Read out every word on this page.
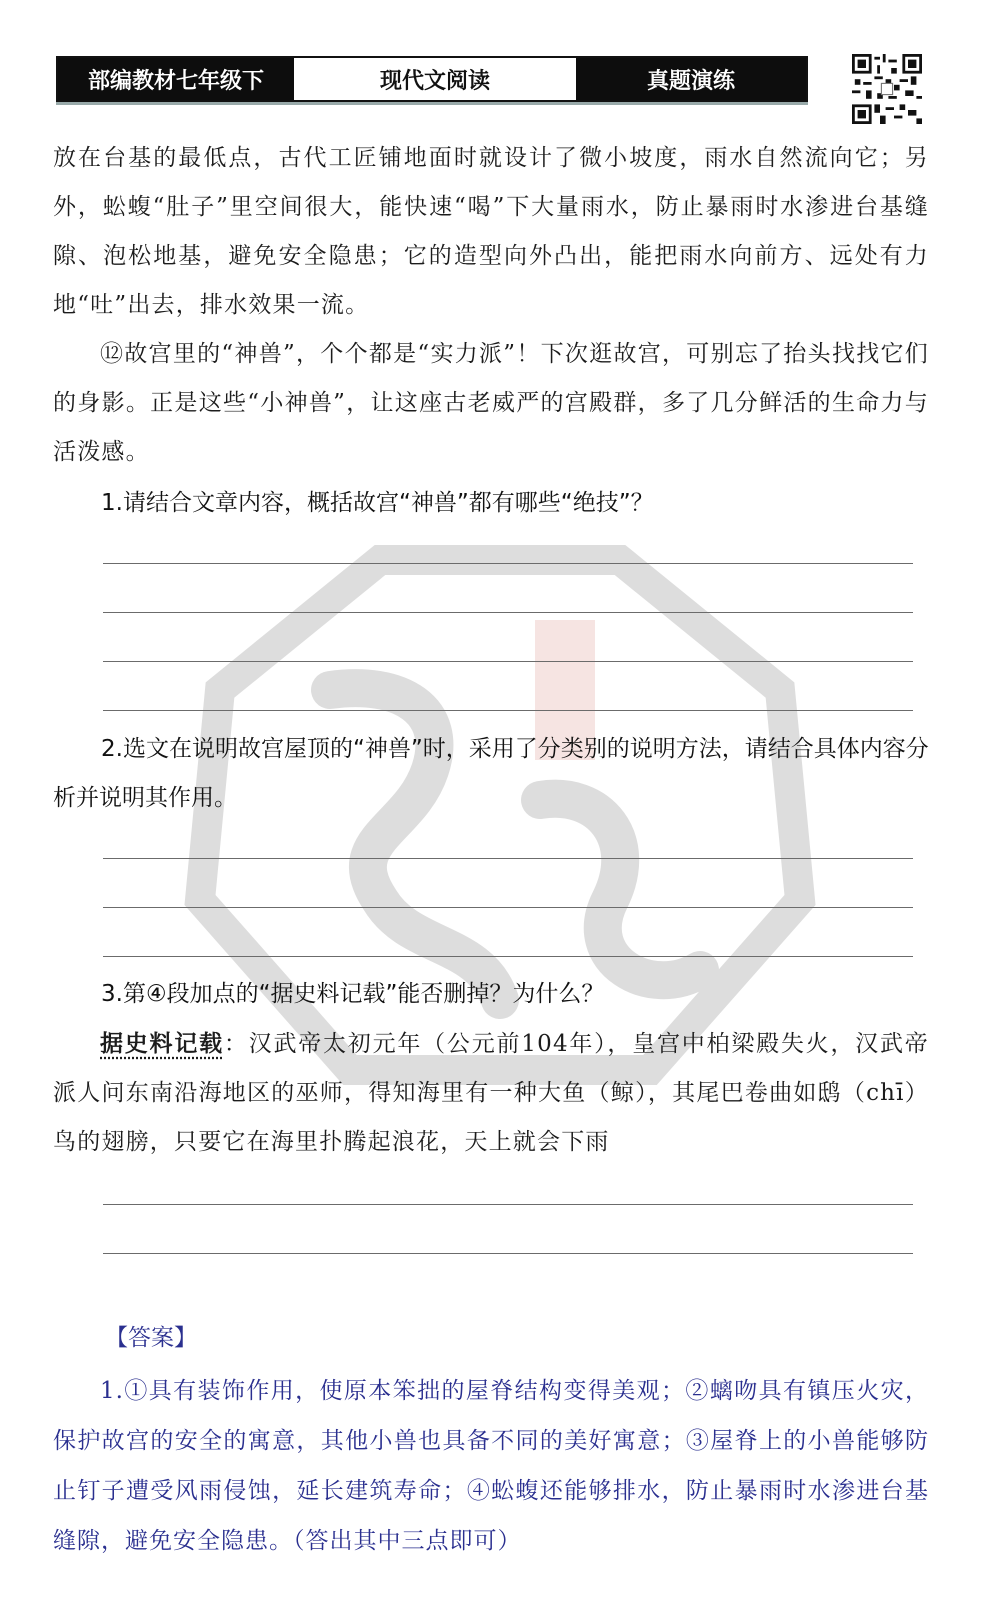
部编教材七年级下	现代文阅读	真题演练

放在台基的最低点，古代工匠铺地面时就设计了微小坡度，雨水自然流向它；另外，蚣蝮“肚子”里空间很大，能快速“喝”下大量雨水，防止暴雨时水渗进台基缝隙、泡松地基，避免安全隐患；它的造型向外凸出，能把雨水向前方、远处有力地“吐”出去，排水效果一流。

⑫故宫里的“神兽”，个个都是“实力派”！下次逛故宫，可别忘了抬头找找它们的身影。正是这些“小神兽”，让这座古老威严的宫殿群，多了几分鲜活的生命力与活泼感。

1.请结合文章内容，概括故宫“神兽”都有哪些“绝技”？

2.选文在说明故宫屋顶的“神兽”时，采用了分类别的说明方法，请结合具体内容分析并说明其作用。

3.第④段加点的“据史料记载”能否删掉？为什么？

据史料记载：汉武帝太初元年（公元前104年），皇宫中柏梁殿失火，汉武帝派人问东南沿海地区的巫师，得知海里有一种大鱼（鲸），其尾巴卷曲如鸱（chī）鸟的翅膀，只要它在海里扑腾起浪花，天上就会下雨

【答案】

1.①具有装饰作用，使原本笨拙的屋脊结构变得美观；②螭吻具有镇压火灾，保护故宫的安全的寓意，其他小兽也具备不同的美好寓意；③屋脊上的小兽能够防止钉子遭受风雨侵蚀，延长建筑寿命；④蚣蝮还能够排水，防止暴雨时水渗进台基缝隙，避免安全隐患。（答出其中三点即可）
